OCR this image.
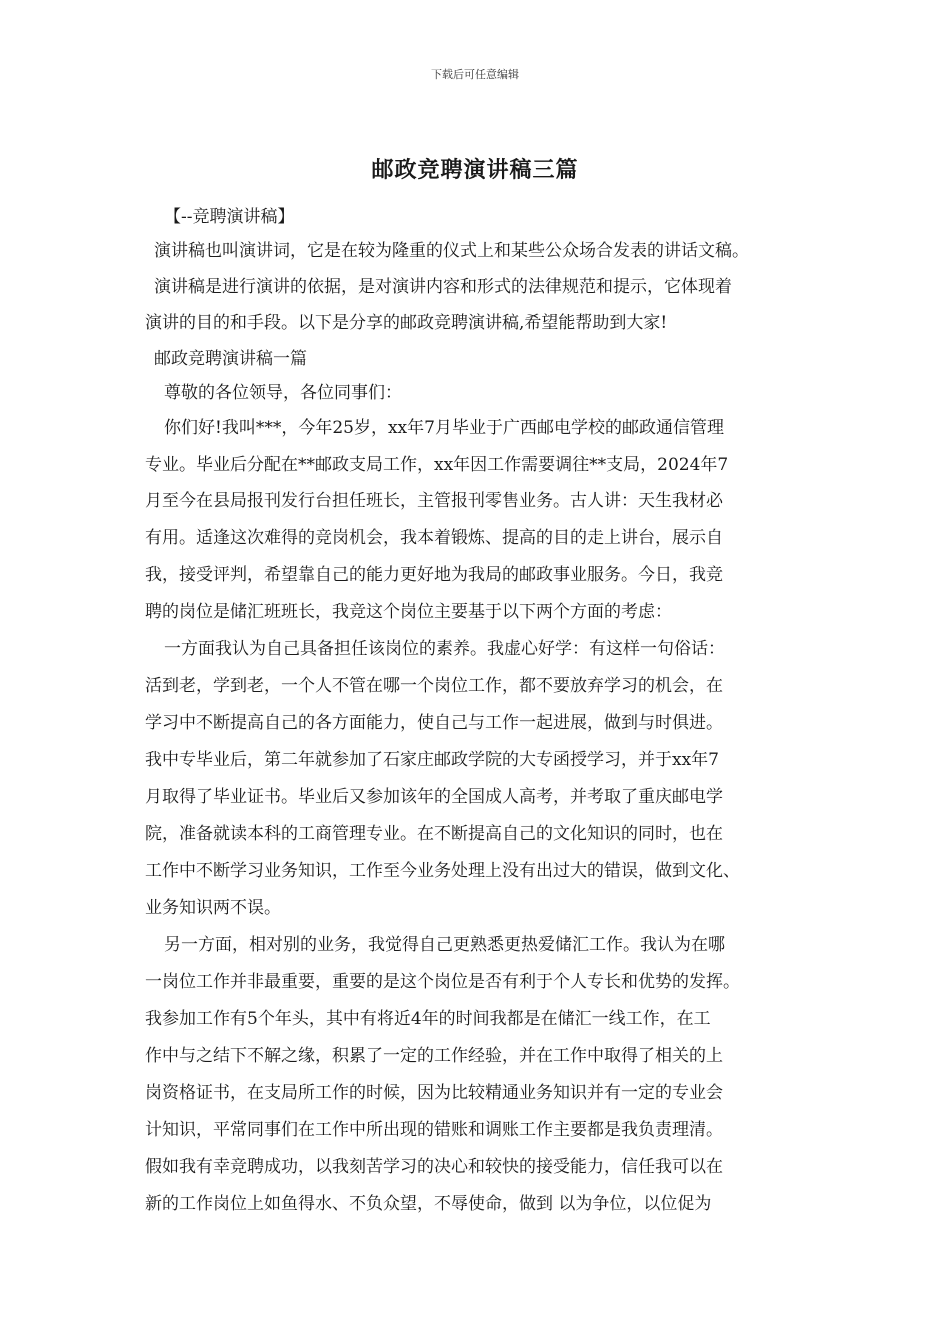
下载后可任意编辑
邮政竞聘演讲稿三篇
【--竞聘演讲稿】
演讲稿也叫演讲词，它是在较为隆重的仪式上和某些公众场合发表的讲话文稿。
演讲稿是进行演讲的依据，是对演讲内容和形式的法律规范和提示，它体现着
演讲的目的和手段。以下是分享的邮政竞聘演讲稿,希望能帮助到大家!
邮政竞聘演讲稿一篇
尊敬的各位领导，各位同事们：
你们好!我叫***，今年25岁，xx年7月毕业于广西邮电学校的邮政通信管理
专业。毕业后分配在**邮政支局工作，xx年因工作需要调往**支局，2024年7
月至今在县局报刊发行台担任班长，主管报刊零售业务。古人讲：天生我材必
有用。适逢这次难得的竞岗机会，我本着锻炼、提高的目的走上讲台，展示自
我，接受评判，希望靠自己的能力更好地为我局的邮政事业服务。今日，我竞
聘的岗位是储汇班班长，我竞这个岗位主要基于以下两个方面的考虑：
一方面我认为自己具备担任该岗位的素养。我虚心好学：有这样一句俗话：
活到老，学到老，一个人不管在哪一个岗位工作，都不要放弃学习的机会，在
学习中不断提高自己的各方面能力，使自己与工作一起进展，做到与时俱进。
我中专毕业后，第二年就参加了石家庄邮政学院的大专函授学习，并于xx年7
月取得了毕业证书。毕业后又参加该年的全国成人高考，并考取了重庆邮电学
院，准备就读本科的工商管理专业。在不断提高自己的文化知识的同时，也在
工作中不断学习业务知识，工作至今业务处理上没有出过大的错误，做到文化、
业务知识两不误。
另一方面，相对别的业务，我觉得自己更熟悉更热爱储汇工作。我认为在哪
一岗位工作并非最重要，重要的是这个岗位是否有利于个人专长和优势的发挥。
我参加工作有5个年头，其中有将近4年的时间我都是在储汇一线工作，在工
作中与之结下不解之缘，积累了一定的工作经验，并在工作中取得了相关的上
岗资格证书，在支局所工作的时候，因为比较精通业务知识并有一定的专业会
计知识，平常同事们在工作中所出现的错账和调账工作主要都是我负责理清。
假如我有幸竞聘成功，以我刻苦学习的决心和较快的接受能力，信任我可以在
新的工作岗位上如鱼得水、不负众望，不辱使命，做到 以为争位，以位促为
